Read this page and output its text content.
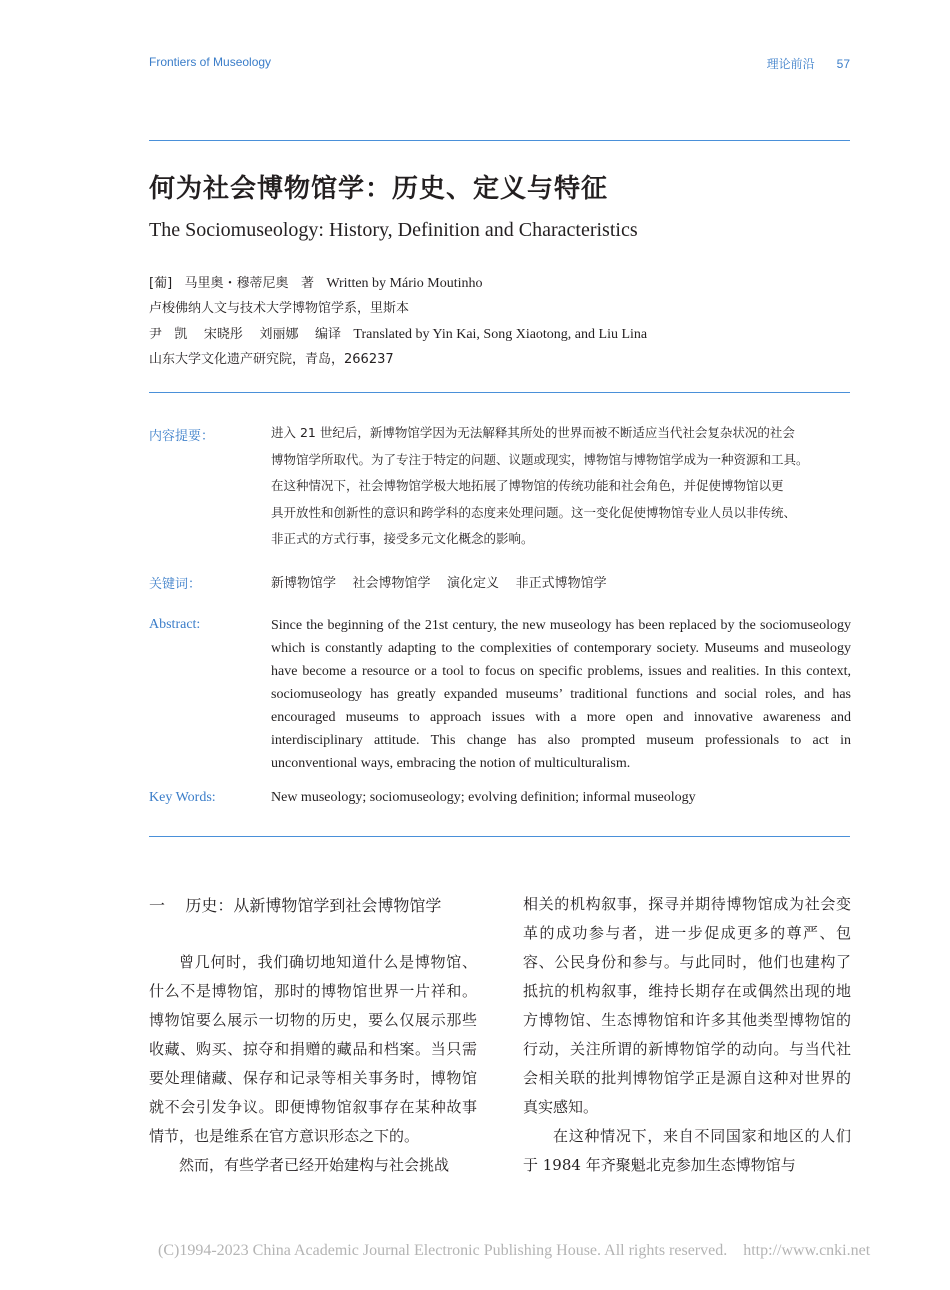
Frontiers of Museology	理论前沿 57
何为社会博物馆学：历史、定义与特征
The Sociomuseology: History, Definition and Characteristics
[葡]   马里奥・穆蒂尼奥   著 Written by Mário Moutinho
卢梭佛纳人文与技术大学博物馆学系，里斯本
尹   凯    宋晓彤    刘丽娜    编译 Translated by Yin Kai, Song Xiaotong, and Liu Lina
山东大学文化遗产研究院，青岛，266237
内容提要：	进入 21 世纪后，新博物馆学因为无法解释其所处的世界而被不断适应当代社会复杂状况的社会
博物馆学所取代。为了专注于特定的问题、议题或现实，博物馆与博物馆学成为一种资源和工具。
在这种情况下，社会博物馆学极大地拓展了博物馆的传统功能和社会角色，并促使博物馆以更
具开放性和创新性的意识和跨学科的态度来处理问题。这一变化促使博物馆专业人员以非传统、
非正式的方式行事，接受多元文化概念的影响。
关键词：	新博物馆学    社会博物馆学    演化定义    非正式博物馆学
Abstract:	Since the beginning of the 21st century, the new museology has been replaced by the sociomuseology which is constantly adapting to the complexities of contemporary society. Museums and museology have become a resource or a tool to focus on specific problems, issues and realities. In this context, sociomuseology has greatly expanded museums’ traditional functions and social roles, and has encouraged museums to approach issues with a more open and innovative awareness and interdisciplinary attitude. This change has also prompted museum professionals to act in unconventional ways, embracing the notion of multiculturalism.
Key Words:	New museology; sociomuseology; evolving definition; informal museology
一    历史：从新博物馆学到社会博物馆学

曾几何时，我们确切地知道什么是博物馆、什么不是博物馆，那时的博物馆世界一片祥和。博物馆要么展示一切物的历史，要么仅展示那些收藏、购买、掠夺和捐赠的藏品和档案。当只需要处理储藏、保存和记录等相关事务时，博物馆就不会引发争议。即便博物馆叙事存在某种故事情节，也是维系在官方意识形态之下的。

然而，有些学者已经开始建构与社会挑战

相关的机构叙事，探寻并期待博物馆成为社会变革的成功参与者，进一步促成更多的尊严、包容、公民身份和参与。与此同时，他们也建构了抵抗的机构叙事，维持长期存在或偶然出现的地方博物馆、生态博物馆和许多其他类型博物馆的行动，关注所谓的新博物馆学的动向。与当代社会相关联的批判博物馆学正是源自这种对世界的真实感知。

在这种情况下，来自不同国家和地区的人们于 1984 年齐聚魁北克参加生态博物馆与

(C)1994-2023 China Academic Journal Electronic Publishing House. All rights reserved.    http://www.cnki.net
